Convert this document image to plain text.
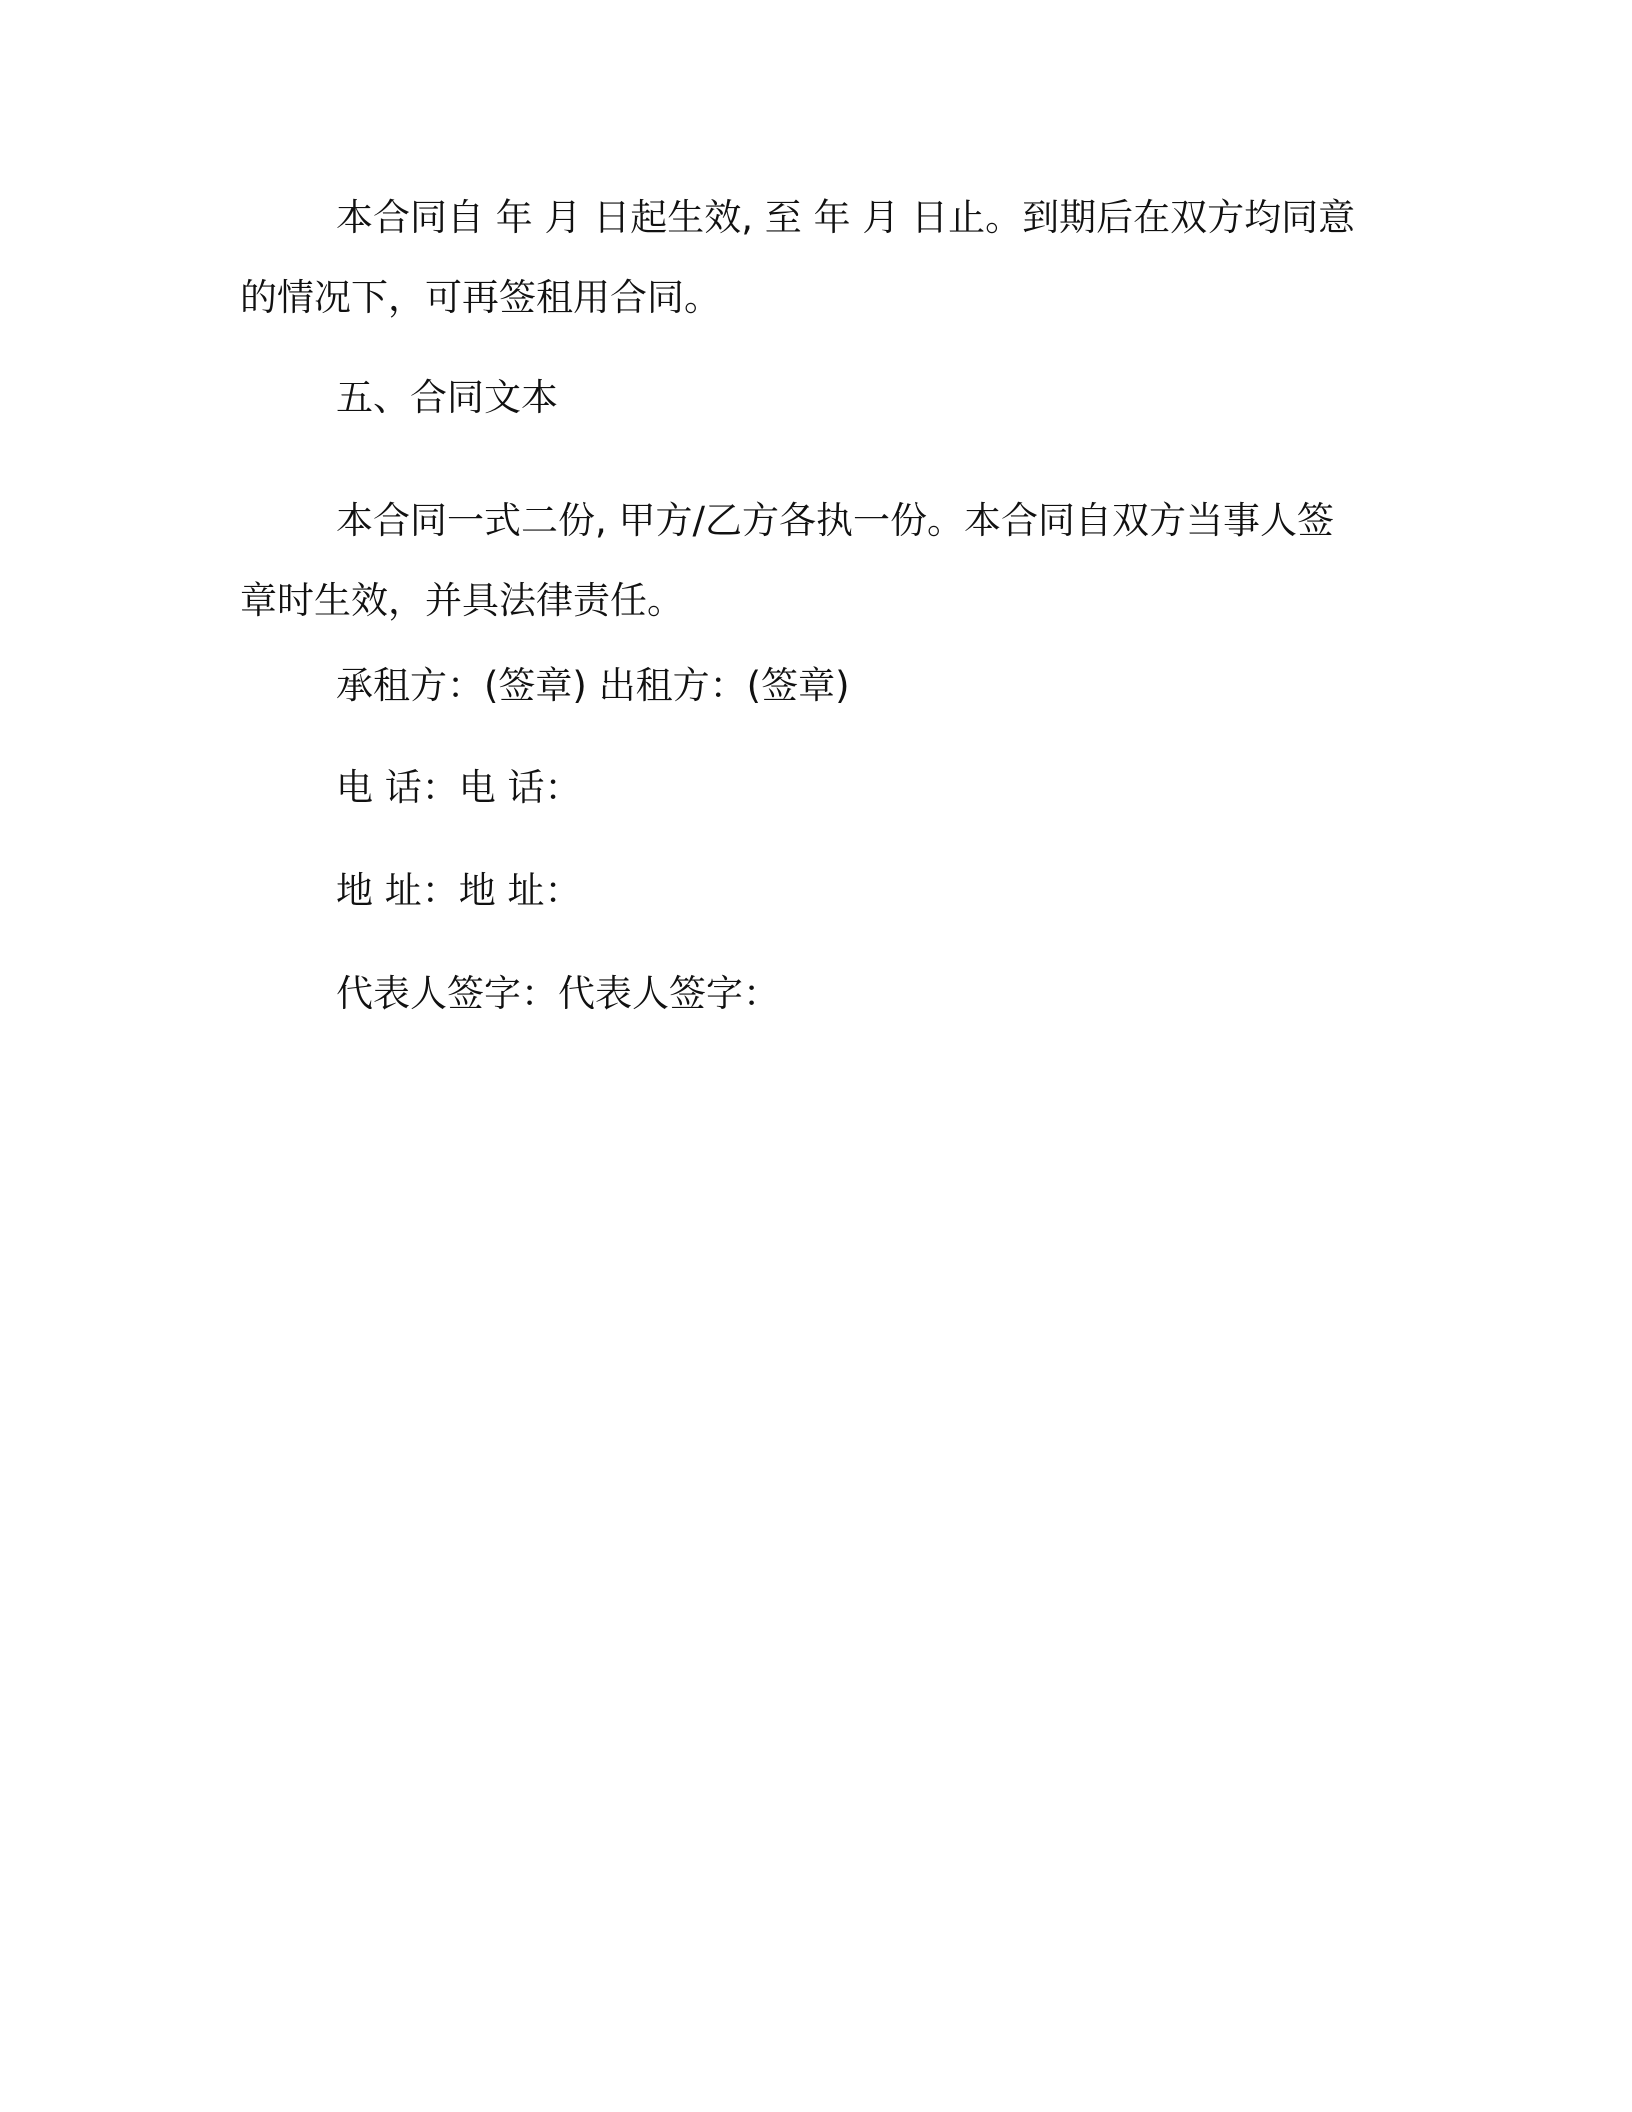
本合同自 年 月 日起生效, 至 年 月 日止。到期后在双方均同意的情况下，可再签租用合同。

五、合同文本

本合同一式二份, 甲方/乙方各执一份。本合同自双方当事人签章时生效，并具法律责任。

承租方：(签章) 出租方：(签章)

电 话：电 话：

地 址：地 址：

代表人签字：代表人签字：
